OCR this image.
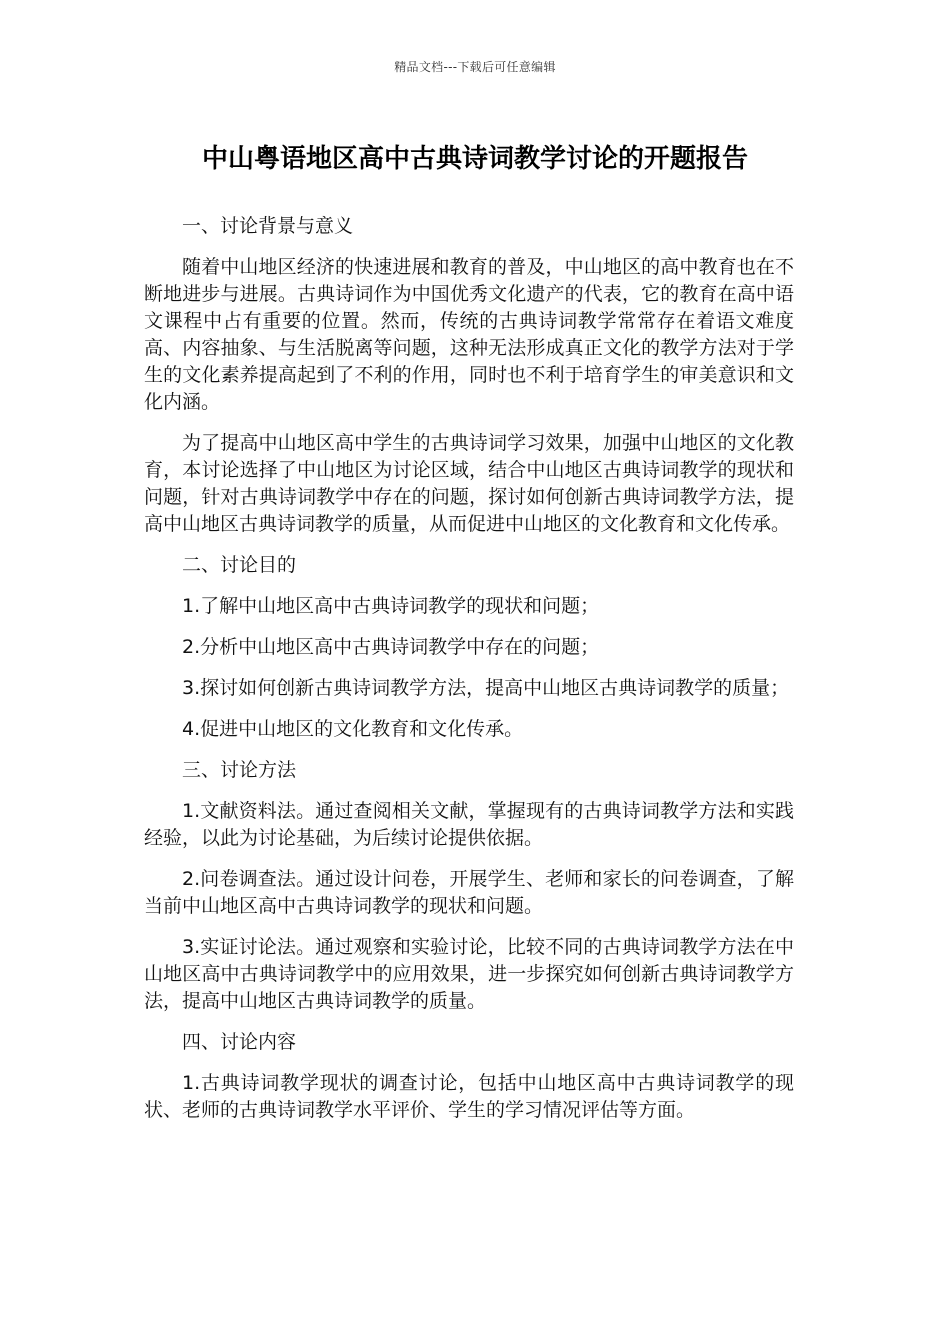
精品文档---下载后可任意编辑
中山粤语地区高中古典诗词教学讨论的开题报告

一、讨论背景与意义

随着中山地区经济的快速进展和教育的普及，中山地区的高中教育也在不断地进步与进展。古典诗词作为中国优秀文化遗产的代表，它的教育在高中语文课程中占有重要的位置。然而，传统的古典诗词教学常常存在着语文难度高、内容抽象、与生活脱离等问题，这种无法形成真正文化的教学方法对于学生的文化素养提高起到了不利的作用，同时也不利于培育学生的审美意识和文化内涵。

为了提高中山地区高中学生的古典诗词学习效果，加强中山地区的文化教育，本讨论选择了中山地区为讨论区域，结合中山地区古典诗词教学的现状和问题，针对古典诗词教学中存在的问题，探讨如何创新古典诗词教学方法，提高中山地区古典诗词教学的质量，从而促进中山地区的文化教育和文化传承。

二、讨论目的

1.了解中山地区高中古典诗词教学的现状和问题；

2.分析中山地区高中古典诗词教学中存在的问题；

3.探讨如何创新古典诗词教学方法，提高中山地区古典诗词教学的质量；

4.促进中山地区的文化教育和文化传承。

三、讨论方法

1.文献资料法。通过查阅相关文献，掌握现有的古典诗词教学方法和实践经验，以此为讨论基础，为后续讨论提供依据。

2.问卷调查法。通过设计问卷，开展学生、老师和家长的问卷调查，了解当前中山地区高中古典诗词教学的现状和问题。

3.实证讨论法。通过观察和实验讨论，比较不同的古典诗词教学方法在中山地区高中古典诗词教学中的应用效果，进一步探究如何创新古典诗词教学方法，提高中山地区古典诗词教学的质量。

四、讨论内容

1.古典诗词教学现状的调查讨论，包括中山地区高中古典诗词教学的现状、老师的古典诗词教学水平评价、学生的学习情况评估等方面。
